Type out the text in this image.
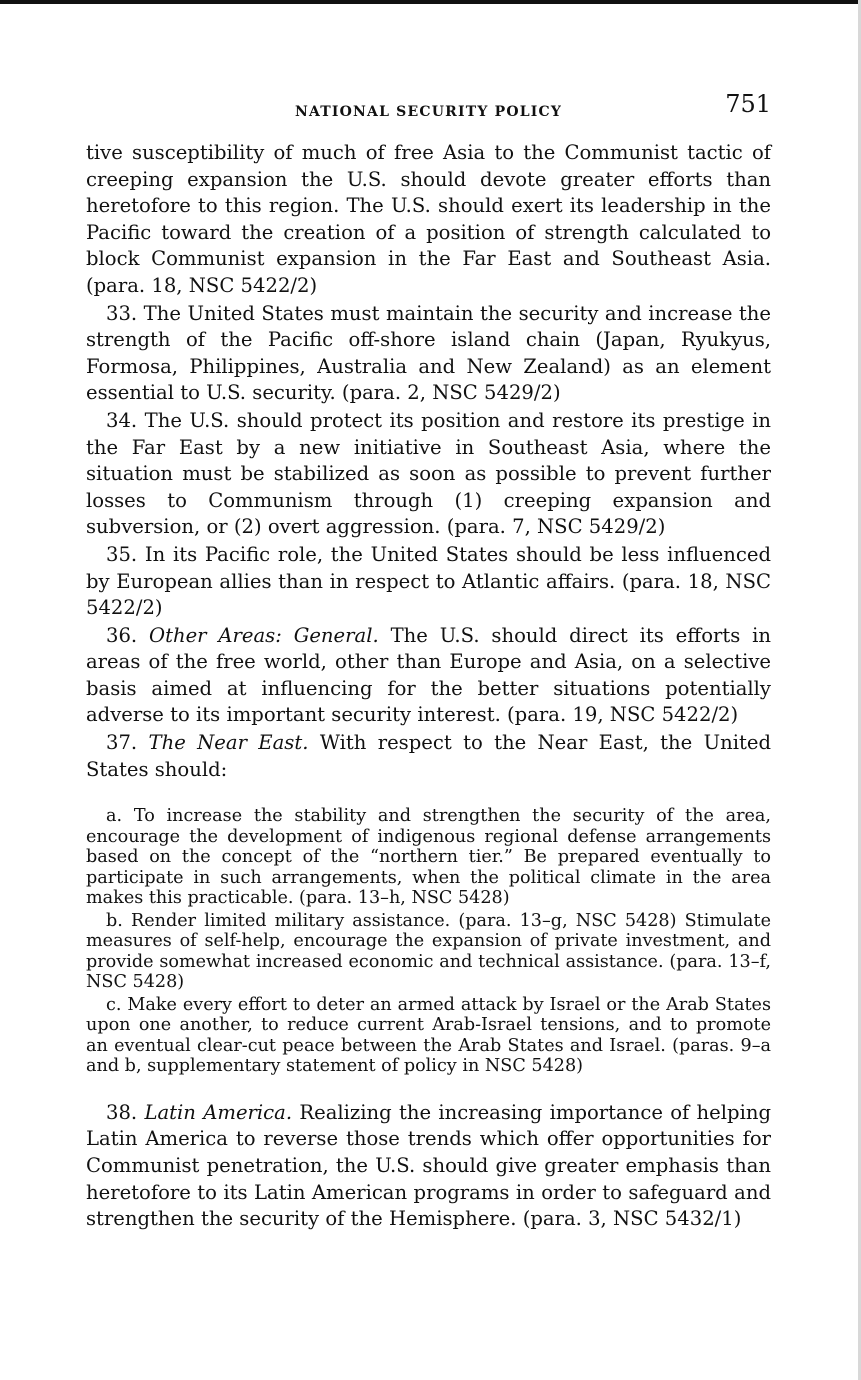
NATIONAL SECURITY POLICY	751

tive susceptibility of much of free Asia to the Communist tactic of creeping expansion the U.S. should devote greater efforts than heretofore to this region. The U.S. should exert its leadership in the Pacific toward the creation of a position of strength calculated to block Communist expansion in the Far East and Southeast Asia. (para. 18, NSC 5422/2)

33. The United States must maintain the security and increase the strength of the Pacific off-shore island chain (Japan, Ryukyus, Formosa, Philippines, Australia and New Zealand) as an element essential to U.S. security. (para. 2, NSC 5429/2)

34. The U.S. should protect its position and restore its prestige in the Far East by a new initiative in Southeast Asia, where the situation must be stabilized as soon as possible to prevent further losses to Communism through (1) creeping expansion and subversion, or (2) overt aggression. (para. 7, NSC 5429/2)

35. In its Pacific role, the United States should be less influenced by European allies than in respect to Atlantic affairs. (para. 18, NSC 5422/2)

36. Other Areas: General. The U.S. should direct its efforts in areas of the free world, other than Europe and Asia, on a selective basis aimed at influencing for the better situations potentially adverse to its important security interest. (para. 19, NSC 5422/2)

37. The Near East. With respect to the Near East, the United States should:

a. To increase the stability and strengthen the security of the area, encourage the development of indigenous regional defense arrangements based on the concept of the “northern tier.” Be prepared eventually to participate in such arrangements, when the political climate in the area makes this practicable. (para. 13–h, NSC 5428)

b. Render limited military assistance. (para. 13–g, NSC 5428) Stimulate measures of self-help, encourage the expansion of private investment, and provide somewhat increased economic and technical assistance. (para. 13–f, NSC 5428)

c. Make every effort to deter an armed attack by Israel or the Arab States upon one another, to reduce current Arab-Israel tensions, and to promote an eventual clear-cut peace between the Arab States and Israel. (paras. 9–a and b, supplementary statement of policy in NSC 5428)

38. Latin America. Realizing the increasing importance of helping Latin America to reverse those trends which offer opportunities for Communist penetration, the U.S. should give greater emphasis than heretofore to its Latin American programs in order to safeguard and strengthen the security of the Hemisphere. (para. 3, NSC 5432/1)
